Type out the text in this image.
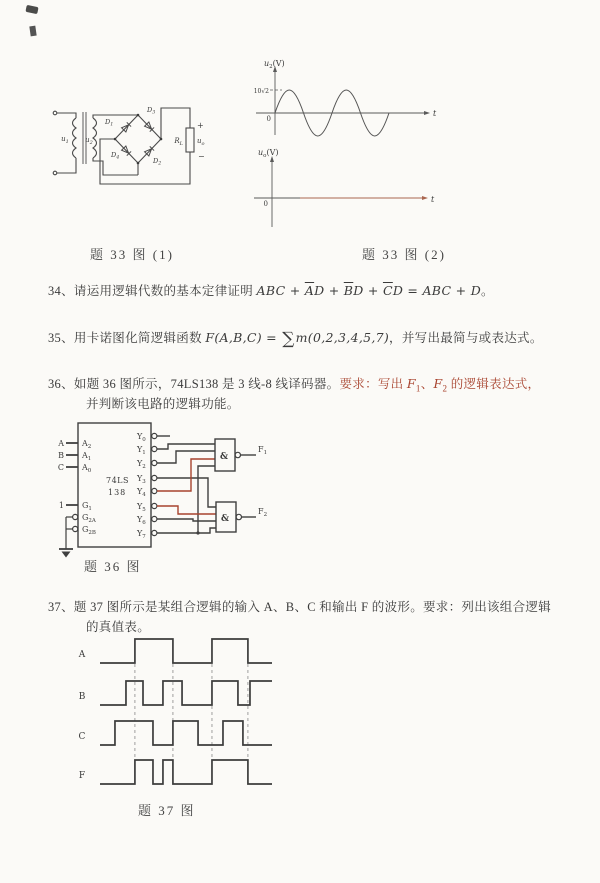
$u_1$ $u_2$
$D_1$
$D_3$
$D_4$	$D_2$
$R_L$ $u_o$
+
−
$u_2(V)$
10√2
0
t
$u_o(V)$
0	t
题 33 图 (1)	题 33 图 (2)
34、请运用逻辑代数的基本定律证明 ABC + $\overline{A}D + \overline{B}D + \overline{C}D$ = ABC + D。
35、用卡诺图化简逻辑函数 F(A,B,C) = ∑m(0,2,3,4,5,7)，并写出最简与或表达式。
36、如题 36 图所示，74LS138 是 3 线-8 线译码器。要求：写出 $F_1$、$F_2$ 的逻辑表达式，
并判断该电路的逻辑功能。
A
B
C
1
$A_2$
$A_1$
$A_0$
74LS
138
$G_1$
$G_{2A}$
$G_{2B}$
$Y_0$
$Y_1$
$Y_2$
$Y_3$
$Y_4$
$Y_5$
$Y_6$
$Y_7$
&
&
$F_1$
$F_2$
题 36 图
37、题 37 图所示是某组合逻辑的输入 A、B、C 和输出 F 的波形。要求：列出该组合逻辑
的真值表。
A
B
C
F
题 37 图
